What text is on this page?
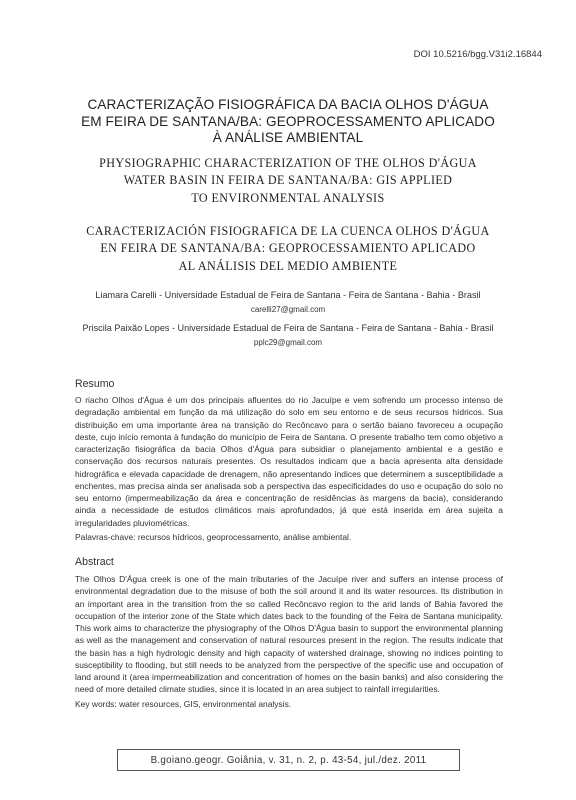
DOI 10.5216/bgg.V31i2.16844
CARACTERIZAÇÃO FISIOGRÁFICA DA BACIA OLHOS D'ÁGUA
EM FEIRA DE SANTANA/BA: GEOPROCESSAMENTO APLICADO
À ANÁLISE AMBIENTAL
PHYSIOGRAPHIC CHARACTERIZATION OF THE OLHOS D'ÁGUA
WATER BASIN IN FEIRA DE SANTANA/BA: GIS APPLIED
TO ENVIRONMENTAL ANALYSIS
CARACTERIZACIÓN FISIOGRAFICA DE LA CUENCA OLHOS D'ÁGUA
EN FEIRA DE SANTANA/BA: GEOPROCESSAMIENTO APLICADO
AL ANÁLISIS DEL MEDIO AMBIENTE
Liamara Carelli - Universidade Estadual de Feira de Santana - Feira de Santana - Bahia - Brasil
carelli27@gmail.com
Priscila Paixão Lopes - Universidade Estadual de Feira de Santana - Feira de Santana - Bahia - Brasil
pplc29@gmail.com
Resumo

O riacho Olhos d'Água é um dos principais afluentes do rio Jacuípe e vem sofrendo um processo intenso de degradação ambiental em função da má utilização do solo em seu entorno e de seus recursos hídricos. Sua distribuição em uma importante área na transição do Recôncavo para o sertão baiano favoreceu a ocupação deste, cujo início remonta à fundação do município de Feira de Santana. O presente trabalho tem como objetivo a caracterização fisiográfica da bacia Olhos d'Água para subsidiar o planejamento ambiental e a gestão e conservação dos recursos naturais presentes. Os resultados indicam que a bacia apresenta alta densidade hidrográfica e elevada capacidade de drenagem, não apresentando índices que determinem a susceptibilidade a enchentes, mas precisa ainda ser analisada sob a perspectiva das especificidades do uso e ocupação do solo no seu entorno (impermeabilização da área e concentração de residências às margens da bacia), considerando ainda a necessidade de estudos climáticos mais aprofundados, já que está inserida em área sujeita a irregularidades pluviométricas.

Palavras-chave: recursos hídricos, geoprocessamento, análise ambiental.
Abstract

The Olhos D'Água creek is one of the main tributaries of the Jacuípe river and suffers an intense process of environmental degradation due to the misuse of both the soil around it and its water resources. Its distribution in an important area in the transition from the so called Recôncavo region to the arid lands of Bahia favored the occupation of the interior zone of the State which dates back to the founding of the Feira de Santana municipality. This work aims to characterize the physiography of the Olhos D'Água basin to support the environmental planning as well as the management and conservation of natural resources present in the region. The results indicate that the basin has a high hydrologic density and high capacity of watershed drainage, showing no indices pointing to susceptibility to flooding, but still needs to be analyzed from the perspective of the specific use and occupation of land around it (area impermeabilization and concentration of homes on the basin banks) and also considering the need of more detailed climate studies, since it is located in an area subject to rainfall irregularities.

Key words: water resources, GIS, environmental analysis.
B.goiano.geogr. Goiânia, v. 31, n. 2, p. 43-54, jul./dez. 2011
